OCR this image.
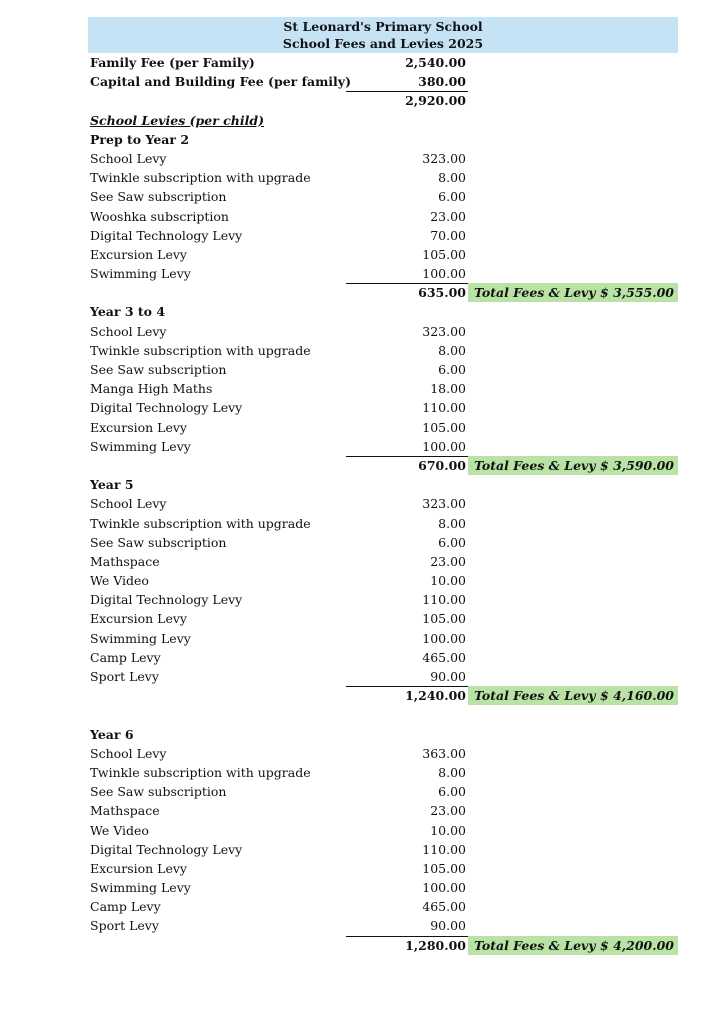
St Leonard's Primary School
School Fees and Levies 2025
Family Fee (per Family)	2,540.00
Capital and Building Fee (per family)	380.00
2,920.00
School Levies (per child)
Prep to Year 2
School Levy	323.00
Twinkle subscription with upgrade	8.00
See Saw subscription	6.00
Wooshka subscription	23.00
Digital Technology Levy	70.00
Excursion Levy	105.00
Swimming Levy	100.00
635.00 Total Fees & Levy $ 3,555.00
Year 3 to 4
School Levy	323.00
Twinkle subscription with upgrade	8.00
See Saw subscription	6.00
Manga High Maths	18.00
Digital Technology Levy	110.00
Excursion Levy	105.00
Swimming Levy	100.00
670.00 Total Fees & Levy $ 3,590.00
Year 5
School Levy	323.00
Twinkle subscription with upgrade	8.00
See Saw subscription	6.00
Mathspace	23.00
We Video	10.00
Digital Technology Levy	110.00
Excursion Levy	105.00
Swimming Levy	100.00
Camp Levy	465.00
Sport Levy	90.00
1,240.00 Total Fees & Levy $ 4,160.00
Year 6
School Levy	363.00
Twinkle subscription with upgrade	8.00
See Saw subscription	6.00
Mathspace	23.00
We Video	10.00
Digital Technology Levy	110.00
Excursion Levy	105.00
Swimming Levy	100.00
Camp Levy	465.00
Sport Levy	90.00
1,280.00 Total Fees & Levy $ 4,200.00
